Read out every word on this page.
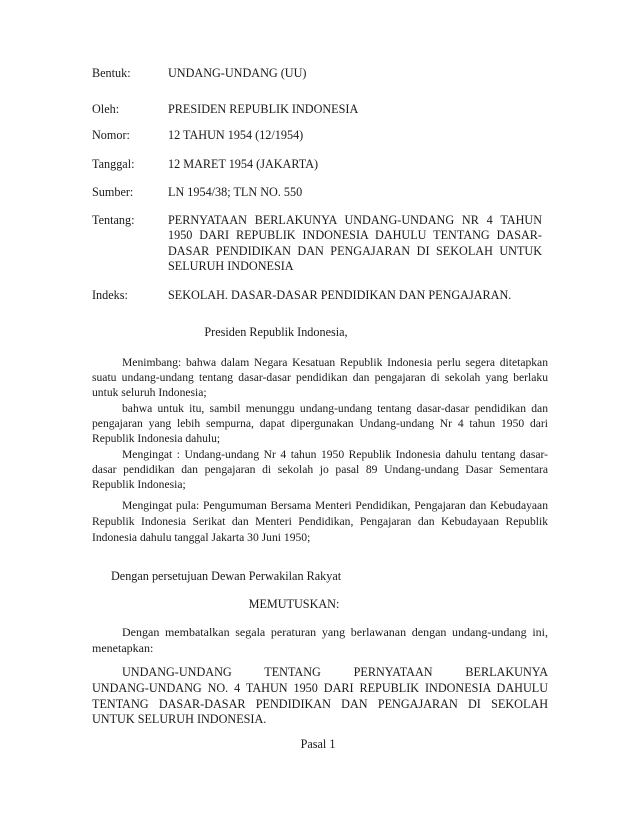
Bentuk:	UNDANG-UNDANG (UU)
Oleh:	PRESIDEN REPUBLIK INDONESIA
Nomor:	12 TAHUN 1954 (12/1954)
Tanggal:	12 MARET 1954 (JAKARTA)
Sumber:	LN 1954/38; TLN NO. 550
Tentang:	PERNYATAAN BERLAKUNYA UNDANG-UNDANG NR 4 TAHUN 1950 DARI REPUBLIK INDONESIA DAHULU TENTANG DASAR-DASAR PENDIDIKAN DAN PENGAJARAN DI SEKOLAH UNTUK SELURUH INDONESIA
Indeks:	SEKOLAH. DASAR-DASAR PENDIDIKAN DAN PENGAJARAN.
Presiden Republik Indonesia,
Menimbang: bahwa dalam Negara Kesatuan Republik Indonesia perlu segera ditetapkan suatu undang-undang tentang dasar-dasar pendidikan dan pengajaran di sekolah yang berlaku untuk seluruh Indonesia;
bahwa untuk itu, sambil menunggu undang-undang tentang dasar-dasar pendidikan dan pengajaran yang lebih sempurna, dapat dipergunakan Undang-undang Nr 4 tahun 1950 dari Republik Indonesia dahulu;
Mengingat : Undang-undang Nr 4 tahun 1950 Republik Indonesia dahulu tentang dasar-dasar pendidikan dan pengajaran di sekolah jo pasal 89 Undang-undang Dasar Sementara Republik Indonesia;
Mengingat pula: Pengumuman Bersama Menteri Pendidikan, Pengajaran dan Kebudayaan Republik Indonesia Serikat dan Menteri Pendidikan, Pengajaran dan Kebudayaan Republik Indonesia dahulu tanggal Jakarta 30 Juni 1950;
Dengan persetujuan Dewan Perwakilan Rakyat
MEMUTUSKAN:
Dengan membatalkan segala peraturan yang berlawanan dengan undang-undang ini, menetapkan:
UNDANG-UNDANG TENTANG PERNYATAAN BERLAKUNYA
UNDANG-UNDANG NO. 4 TAHUN 1950 DARI REPUBLIK INDONESIA DAHULU TENTANG DASAR-DASAR PENDIDIKAN DAN PENGAJARAN DI SEKOLAH UNTUK SELURUH INDONESIA.
Pasal 1
